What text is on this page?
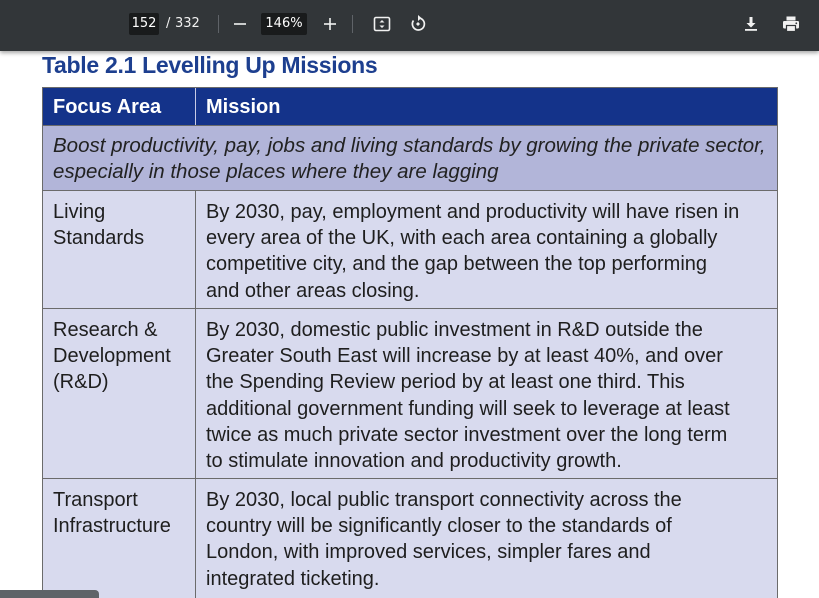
152 / 332	146%
Table 2.1 Levelling Up Missions
Focus Area	Mission
Boost productivity, pay, jobs and living standards by growing the private sector, especially in those places where they are lagging
Living
Standards
By 2030, pay, employment and productivity will have risen in
every area of the UK, with each area containing a globally
competitive city, and the gap between the top performing
and other areas closing.
Research &
Development
(R&D)
By 2030, domestic public investment in R&D outside the
Greater South East will increase by at least 40%, and over
the Spending Review period by at least one third. This
additional government funding will seek to leverage at least
twice as much private sector investment over the long term
to stimulate innovation and productivity growth.
Transport
Infrastructure
By 2030, local public transport connectivity across the
country will be significantly closer to the standards of
London, with improved services, simpler fares and
integrated ticketing.
